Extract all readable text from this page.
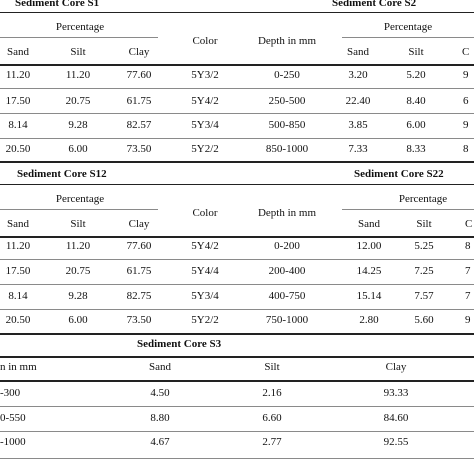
Sediment Core S1	Sediment Core S2
Percentage	Percentage
Color	Depth in mm
Sand	Silt	Clay	Sand	Silt	C
11.20	11.20	77.60	5Y3/2	0-250	3.20	5.20	9
17.50	20.75	61.75	5Y4/2	250-500	22.40	8.40	6
8.14	9.28	82.57	5Y3/4	500-850	3.85	6.00	9
20.50	6.00	73.50	5Y2/2	850-1000	7.33	8.33	8
Sediment Core S12	Sediment Core S22
Percentage	Percentage
Color	Depth in mm
Sand	Silt	Clay	Sand	Silt	C
11.20	11.20	77.60	5Y4/2	0-200	12.00	5.25	8
17.50	20.75	61.75	5Y4/4	200-400	14.25	7.25	7
8.14	9.28	82.75	5Y3/4	400-750	15.14	7.57	7
20.50	6.00	73.50	5Y2/2	750-1000	2.80	5.60	9
Sediment Core S3
n in mm	Sand	Silt	Clay
-300	4.50	2.16	93.33
0-550	8.80	6.60	84.60
-1000	4.67	2.77	92.55
